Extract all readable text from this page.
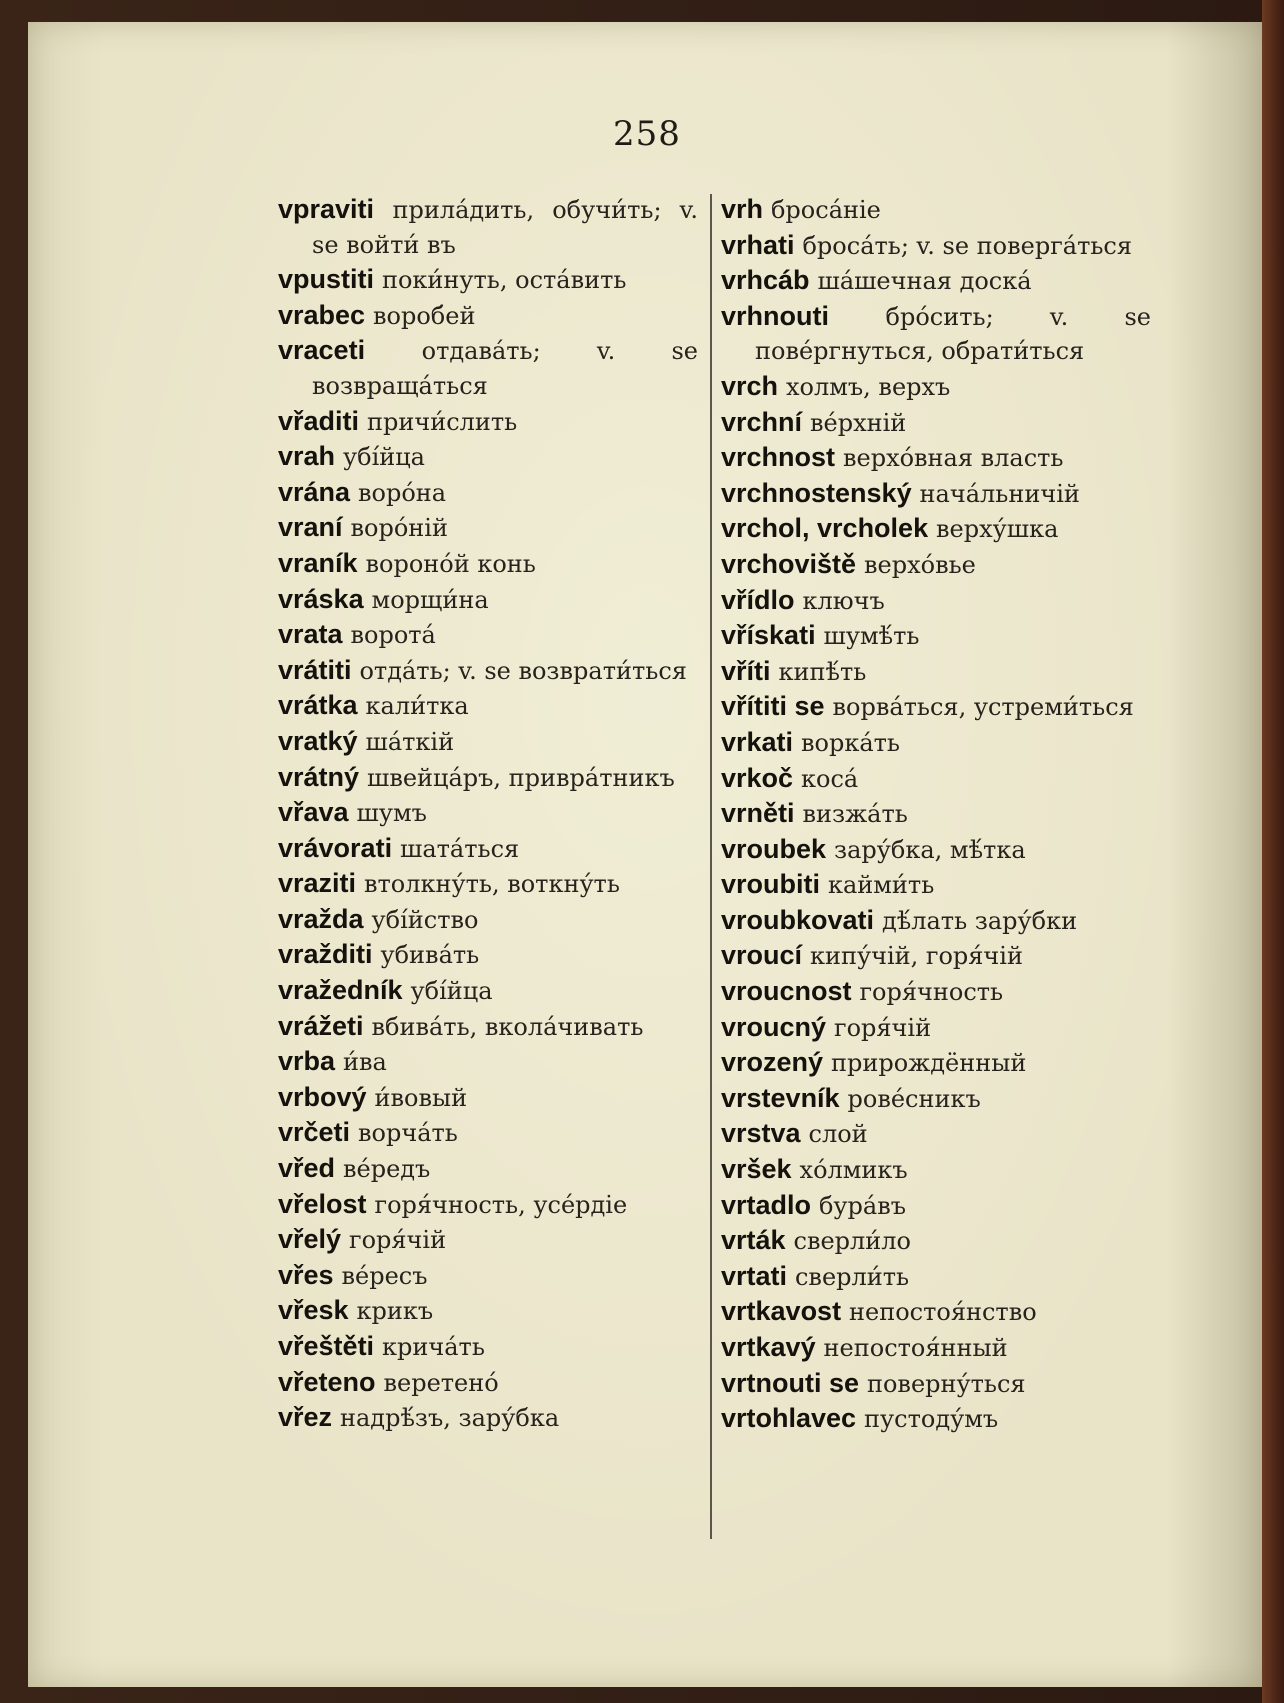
258

vpraviti прила́дить, обучи́ть; v. se войти́ въ

vpustiti поки́нуть, оста́вить

vrabec вороб́ей

vraceti отдава́ть; v. se возвраща́ться

vřaditi причи́слить

vrah убі́йца

vrána воро́на

vraní воро́ній

vraník вороно́й конь

vráska морщи́на

vrata ворота́

vrátiti отда́ть; v. se возврати́ться

vrátka кали́тка

vratký ша́ткій

vrátný швейца́ръ, приврáтникъ

vřava шумъ

vrávorati шата́ться

vraziti втолкну́ть, воткну́ть

vražda убі́йство

vražditi убива́ть

vražedník убі́йца

vrážeti вбива́ть, вкола́чивать

vrba и́ва

vrbový и́вовый

vrčeti ворча́ть

vřed ве́редъ

vřelost горя́чность, усе́рдіе

vřelý горя́чій

vřes ве́ресъ

vřesk крикъ

vřeštěti крича́ть

vřeteno веретено́

vřez надрѣ́зъ, зару́бка

vrh броса́ніе

vrhati броса́ть; v. se поверга́ться

vrhcáb ша́шечная доска́

vrhnouti бро́сить; v. se пове́ргнуться, обрати́ться

vrch холмъ, верхъ

vrchní ве́рхній

vrchnost верхо́вная власть

vrchnostenský нача́льничій

vrchol, vrcholek верху́шка

vrchoviště верхо́вье

vřídlo ключъ

vřískati шумѣ́ть

vříti кипѣ́ть

vřítiti se ворва́ться, устреми́ться

vrkati ворка́ть

vrkoč коса́

vrněti визжа́ть

vroubek зару́бка, мѣ́тка

vroubiti кайми́ть

vroubkovati дѣ́лать зару́бки

vroucí кипу́чій, горя́чій

vroucnost горя́чность

vroucný горя́чій

vrozený прирождённый

vrstevník рове́сникъ

vrstva слой

vršek хо́лмикъ

vrtadlo бура́въ

vrták сверли́ло

vrtati сверли́ть

vrtkavost непостоя́нство

vrtkavý непостоя́нный

vrtnouti se поверну́ться

vrtohlavec пустоду́мъ
